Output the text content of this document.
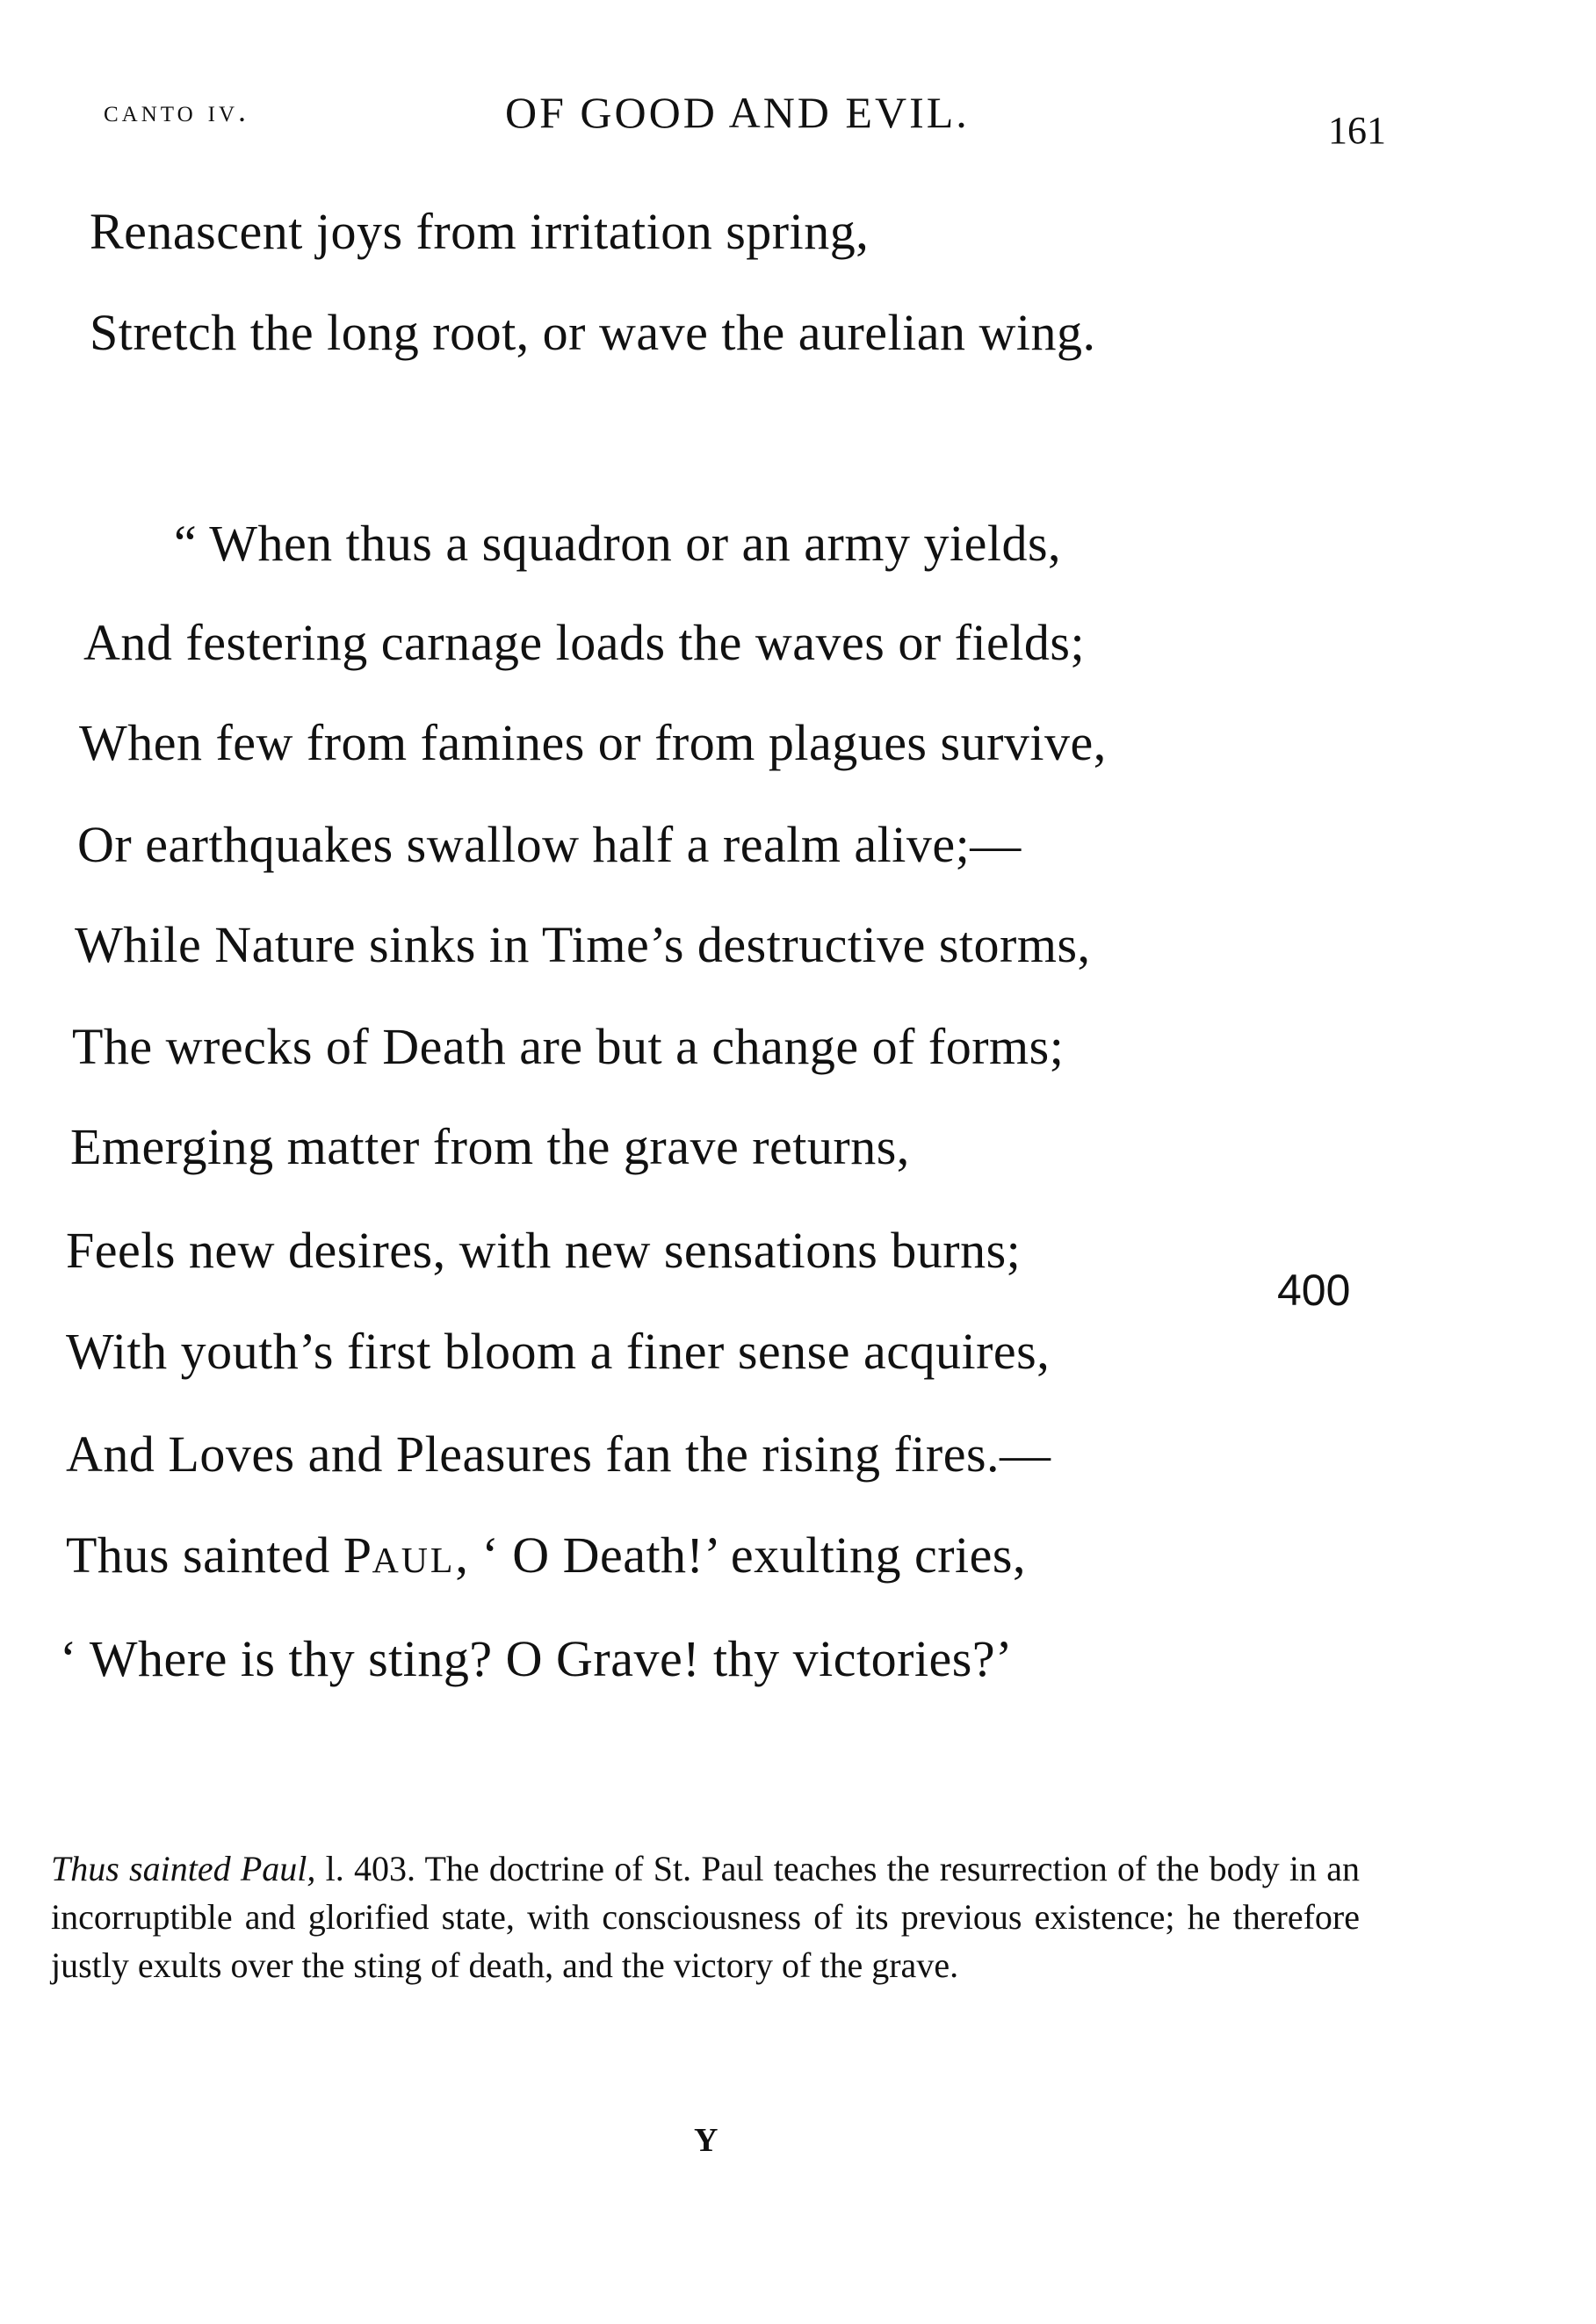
canto iv.	OF GOOD AND EVIL.	161
Renascent joys from irritation spring,
Stretch the long root, or wave the aurelian wing.
“ When thus a squadron or an army yields,
And festering carnage loads the waves or fields;
When few from famines or from plagues survive,
Or earthquakes swallow half a realm alive;—
While Nature sinks in Time’s destructive storms,
The wrecks of Death are but a change of forms;
Emerging matter from the grave returns,
Feels new desires, with new sensations burns;
400
With youth’s first bloom a finer sense acquires,
And Loves and Pleasures fan the rising fires.—
Thus sainted PAUL, ‘ O Death!’ exulting cries,
‘ Where is thy sting? O Grave! thy victories?’
Thus sainted Paul, l. 403. The doctrine of St. Paul teaches the resurrection of the body in an incorruptible and glorified state, with consciousness of its previous existence; he therefore justly exults over the sting of death, and the victory of the grave.
Y
